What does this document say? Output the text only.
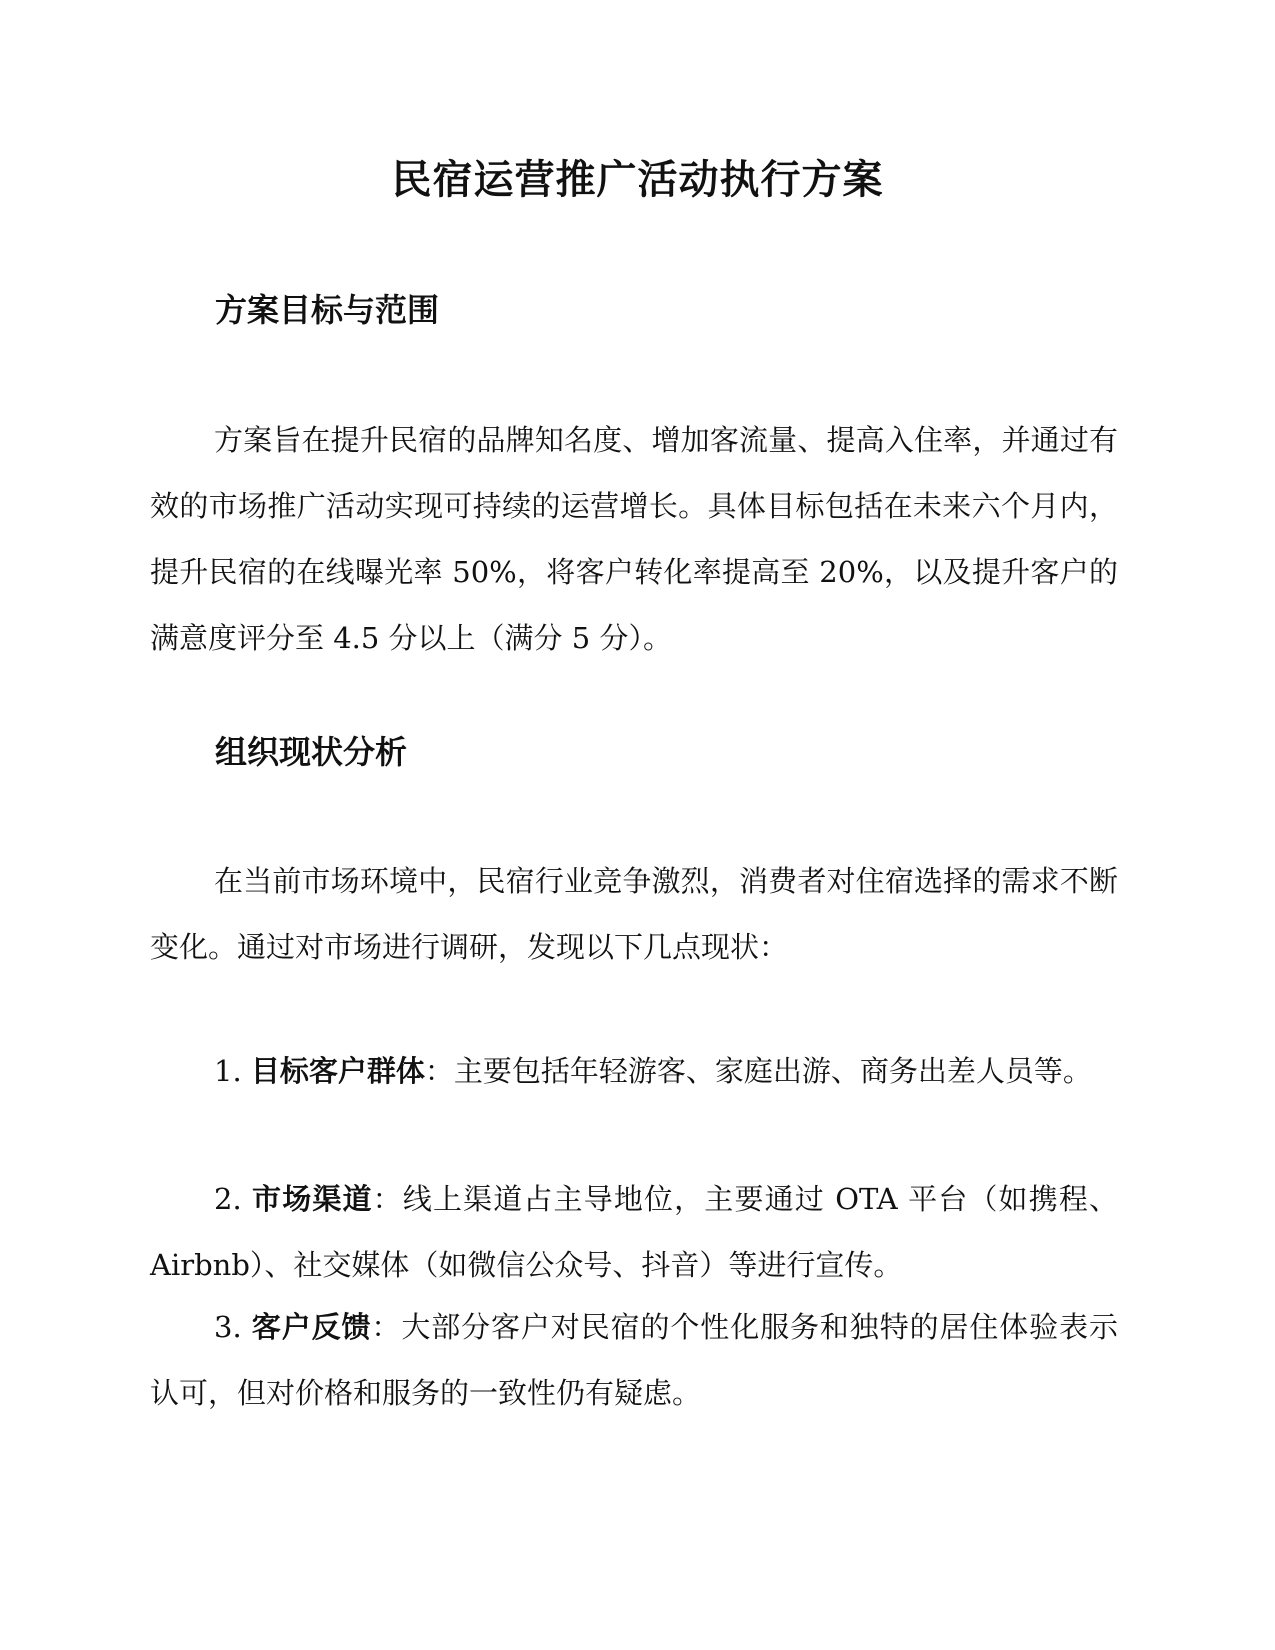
民宿运营推广活动执行方案
方案目标与范围

方案旨在提升民宿的品牌知名度、增加客流量、提高入住率，并通过有效的市场推广活动实现可持续的运营增长。具体目标包括在未来六个月内，提升民宿的在线曝光率 50%，将客户转化率提高至 20%，以及提升客户的满意度评分至 4.5 分以上（满分 5 分）。

组织现状分析

在当前市场环境中，民宿行业竞争激烈，消费者对住宿选择的需求不断变化。通过对市场进行调研，发现以下几点现状：

1. 目标客户群体：主要包括年轻游客、家庭出游、商务出差人员等。

2. 市场渠道：线上渠道占主导地位，主要通过 OTA 平台（如携程、Airbnb）、社交媒体（如微信公众号、抖音）等进行宣传。

3. 客户反馈：大部分客户对民宿的个性化服务和独特的居住体验表示认可，但对价格和服务的一致性仍有疑虑。
